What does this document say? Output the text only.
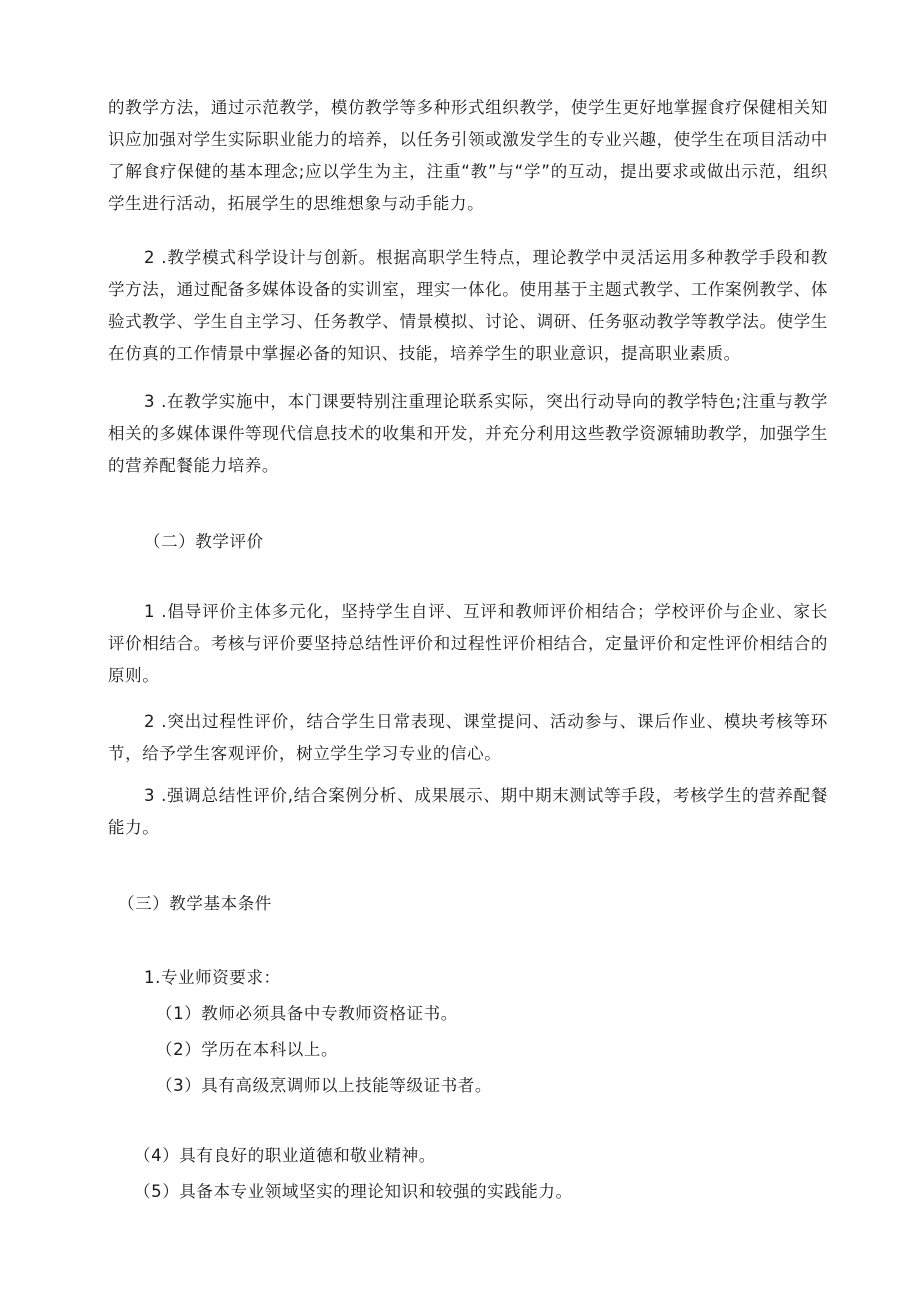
的教学方法，通过示范教学，模仿教学等多种形式组织教学，使学生更好地掌握食疗保健相关知识应加强对学生实际职业能力的培养，以任务引领或激发学生的专业兴趣，使学生在项目活动中了解食疗保健的基本理念;应以学生为主，注重“教”与“学”的互动，提出要求或做出示范，组织学生进行活动，拓展学生的思维想象与动手能力。

2 .教学模式科学设计与创新。根据高职学生特点，理论教学中灵活运用多种教学手段和教学方法，通过配备多媒体设备的实训室，理实一体化。使用基于主题式教学、工作案例教学、体验式教学、学生自主学习、任务教学、情景模拟、讨论、调研、任务驱动教学等教学法。使学生在仿真的工作情景中掌握必备的知识、技能，培养学生的职业意识，提高职业素质。

3 .在教学实施中，本门课要特别注重理论联系实际，突出行动导向的教学特色;注重与教学相关的多媒体课件等现代信息技术的收集和开发，并充分利用这些教学资源辅助教学，加强学生的营养配餐能力培养。

（二）教学评价

1 .倡导评价主体多元化，坚持学生自评、互评和教师评价相结合；学校评价与企业、家长评价相结合。考核与评价要坚持总结性评价和过程性评价相结合，定量评价和定性评价相结合的原则。

2 .突出过程性评价，结合学生日常表现、课堂提问、活动参与、课后作业、模块考核等环节，给予学生客观评价，树立学生学习专业的信心。

3 .强调总结性评价,结合案例分析、成果展示、期中期末测试等手段，考核学生的营养配餐能力。

（三）教学基本条件

1.专业师资要求：

（1）教师必须具备中专教师资格证书。

（2）学历在本科以上。

（3）具有高级烹调师以上技能等级证书者。

（4）具有良好的职业道德和敬业精神。

（5）具备本专业领域坚实的理论知识和较强的实践能力。
